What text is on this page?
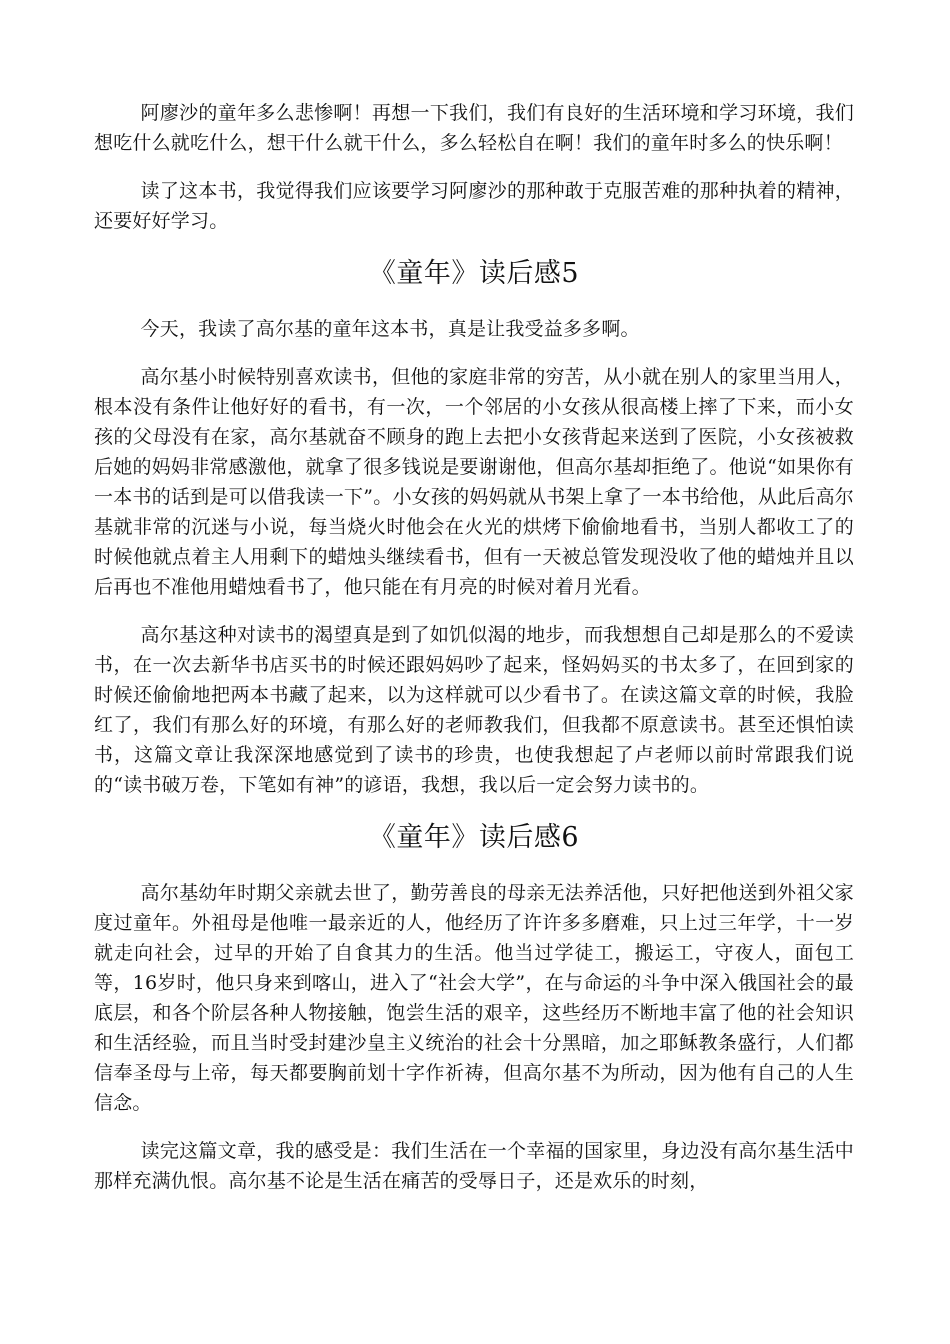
阿廖沙的童年多么悲惨啊！再想一下我们，我们有良好的生活环境和学习环境，我们想吃什么就吃什么，想干什么就干什么，多么轻松自在啊！我们的童年时多么的快乐啊！

读了这本书，我觉得我们应该要学习阿廖沙的那种敢于克服苦难的那种执着的精神，还要好好学习。

《童年》读后感5

今天，我读了高尔基的童年这本书，真是让我受益多多啊。

高尔基小时候特别喜欢读书，但他的家庭非常的穷苦，从小就在别人的家里当用人，根本没有条件让他好好的看书，有一次，一个邻居的小女孩从很高楼上摔了下来，而小女孩的父母没有在家，高尔基就奋不顾身的跑上去把小女孩背起来送到了医院，小女孩被救后她的妈妈非常感激他，就拿了很多钱说是要谢谢他，但高尔基却拒绝了。他说“如果你有一本书的话到是可以借我读一下”。小女孩的妈妈就从书架上拿了一本书给他，从此后高尔基就非常的沉迷与小说，每当烧火时他会在火光的烘烤下偷偷地看书，当别人都收工了的时候他就点着主人用剩下的蜡烛头继续看书，但有一天被总管发现没收了他的蜡烛并且以后再也不准他用蜡烛看书了，他只能在有月亮的时候对着月光看。

高尔基这种对读书的渴望真是到了如饥似渴的地步，而我想想自己却是那么的不爱读书，在一次去新华书店买书的时候还跟妈妈吵了起来，怪妈妈买的书太多了，在回到家的时候还偷偷地把两本书藏了起来，以为这样就可以少看书了。在读这篇文章的时候，我脸红了，我们有那么好的环境，有那么好的老师教我们，但我都不原意读书。甚至还惧怕读书，这篇文章让我深深地感觉到了读书的珍贵，也使我想起了卢老师以前时常跟我们说的“读书破万卷，下笔如有神”的谚语，我想，我以后一定会努力读书的。

《童年》读后感6

高尔基幼年时期父亲就去世了，勤劳善良的母亲无法养活他，只好把他送到外祖父家度过童年。外祖母是他唯一最亲近的人，他经历了许许多多磨难，只上过三年学，十一岁就走向社会，过早的开始了自食其力的生活。他当过学徒工，搬运工，守夜人，面包工等，16岁时，他只身来到喀山，进入了“社会大学”，在与命运的斗争中深入俄国社会的最底层，和各个阶层各种人物接触，饱尝生活的艰辛，这些经历不断地丰富了他的社会知识和生活经验，而且当时受封建沙皇主义统治的社会十分黑暗，加之耶稣教条盛行，人们都信奉圣母与上帝，每天都要胸前划十字作祈祷，但高尔基不为所动，因为他有自己的人生信念。

读完这篇文章，我的感受是：我们生活在一个幸福的国家里，身边没有高尔基生活中那样充满仇恨。高尔基不论是生活在痛苦的受辱日子，还是欢乐的时刻，
